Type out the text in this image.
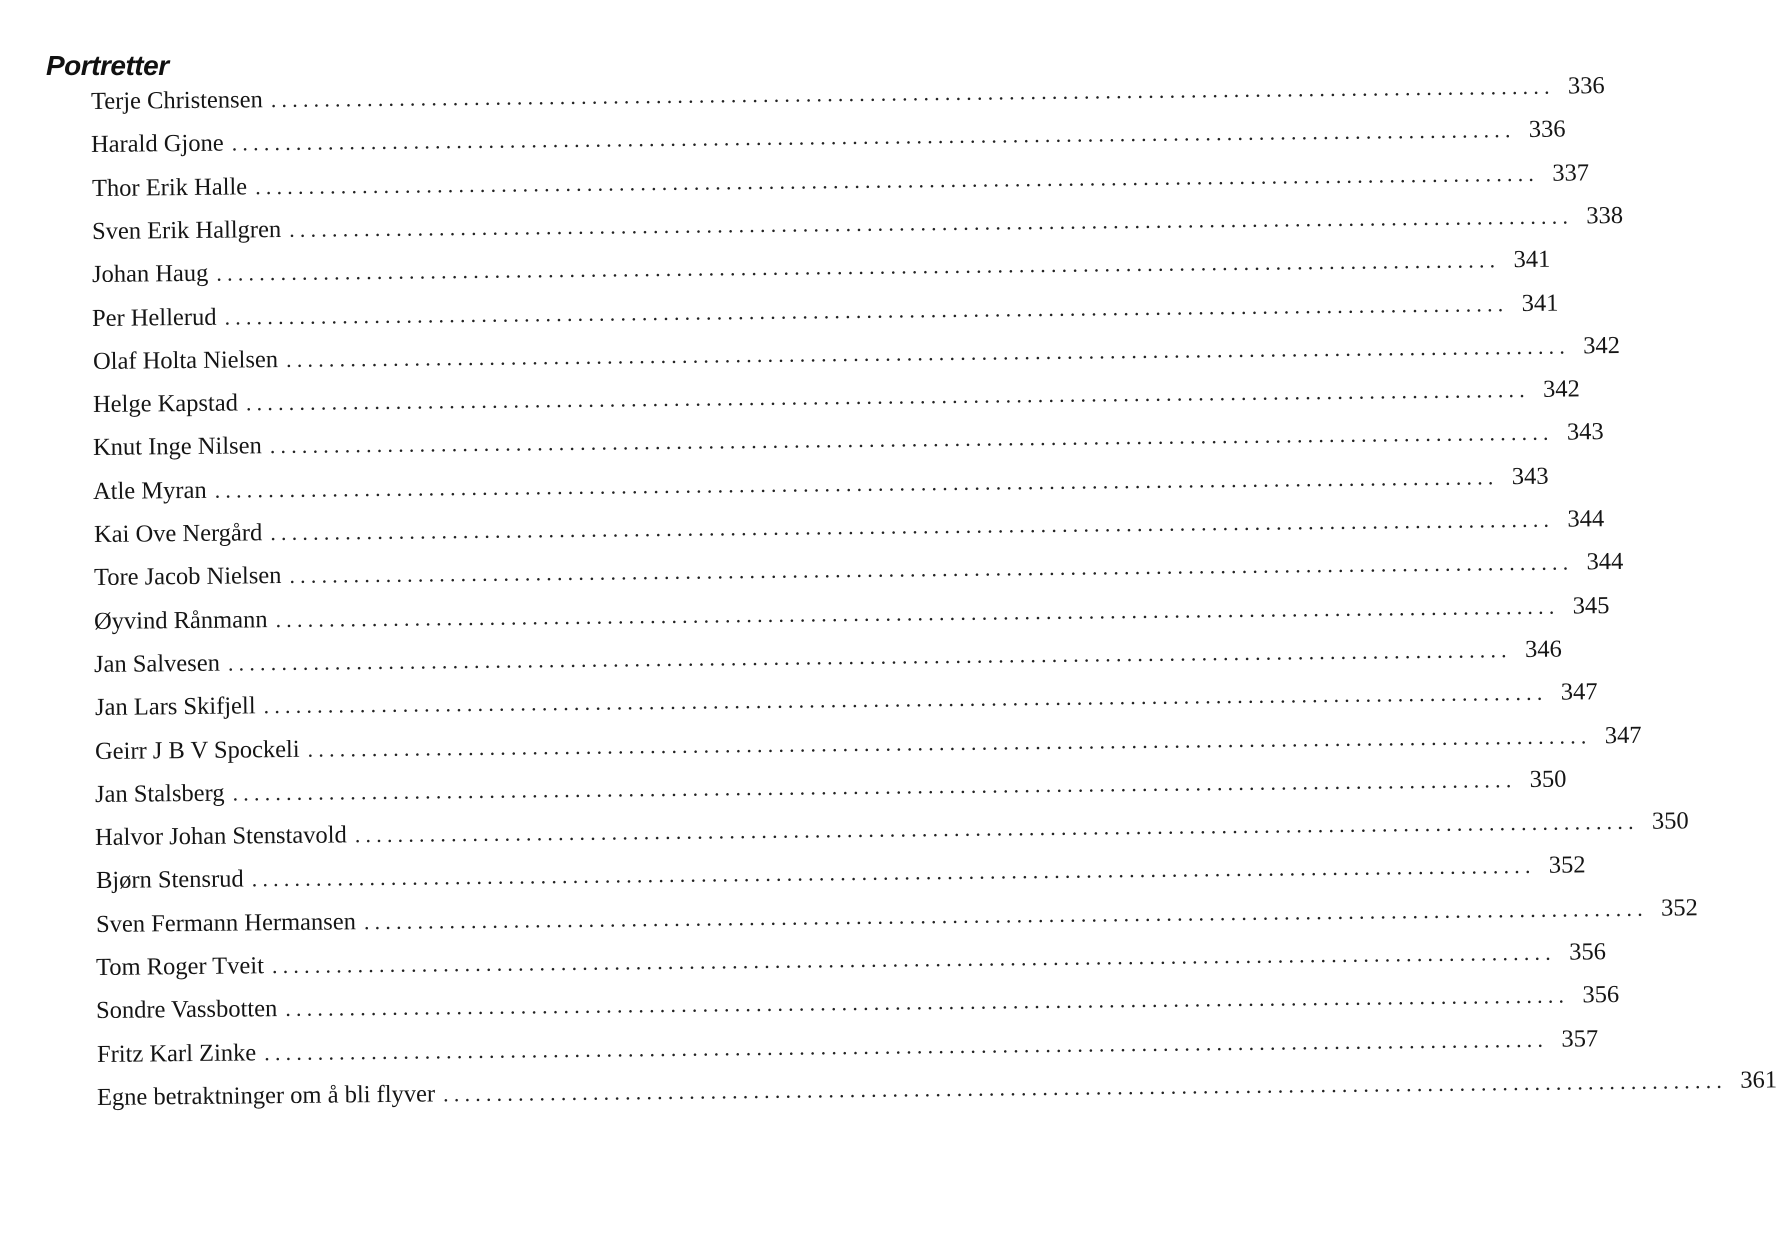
Portretter
Terje Christensen ........................................................................................................................ 336
Harald Gjone ........................................................................................................................ 336
Thor Erik Halle ........................................................................................................................ 337
Sven Erik Hallgren ........................................................................................................................ 338
Johan Haug ........................................................................................................................ 341
Per Hellerud ........................................................................................................................ 341
Olaf Holta Nielsen ........................................................................................................................ 342
Helge Kapstad ........................................................................................................................ 342
Knut Inge Nilsen ........................................................................................................................ 343
Atle Myran ........................................................................................................................ 343
Kai Ove Nergård ........................................................................................................................ 344
Tore Jacob Nielsen ........................................................................................................................ 344
Øyvind Rånmann ........................................................................................................................ 345
Jan Salvesen ........................................................................................................................ 346
Jan Lars Skifjell ........................................................................................................................ 347
Geirr J B V Spockeli ........................................................................................................................ 347
Jan Stalsberg ........................................................................................................................ 350
Halvor Johan Stenstavold ........................................................................................................................ 350
Bjørn Stensrud ........................................................................................................................ 352
Sven Fermann Hermansen ........................................................................................................................ 352
Tom Roger Tveit ........................................................................................................................ 356
Sondre Vassbotten ........................................................................................................................ 356
Fritz Karl Zinke ........................................................................................................................ 357
Egne betraktninger om å bli flyver ........................................................................................................................ 361
